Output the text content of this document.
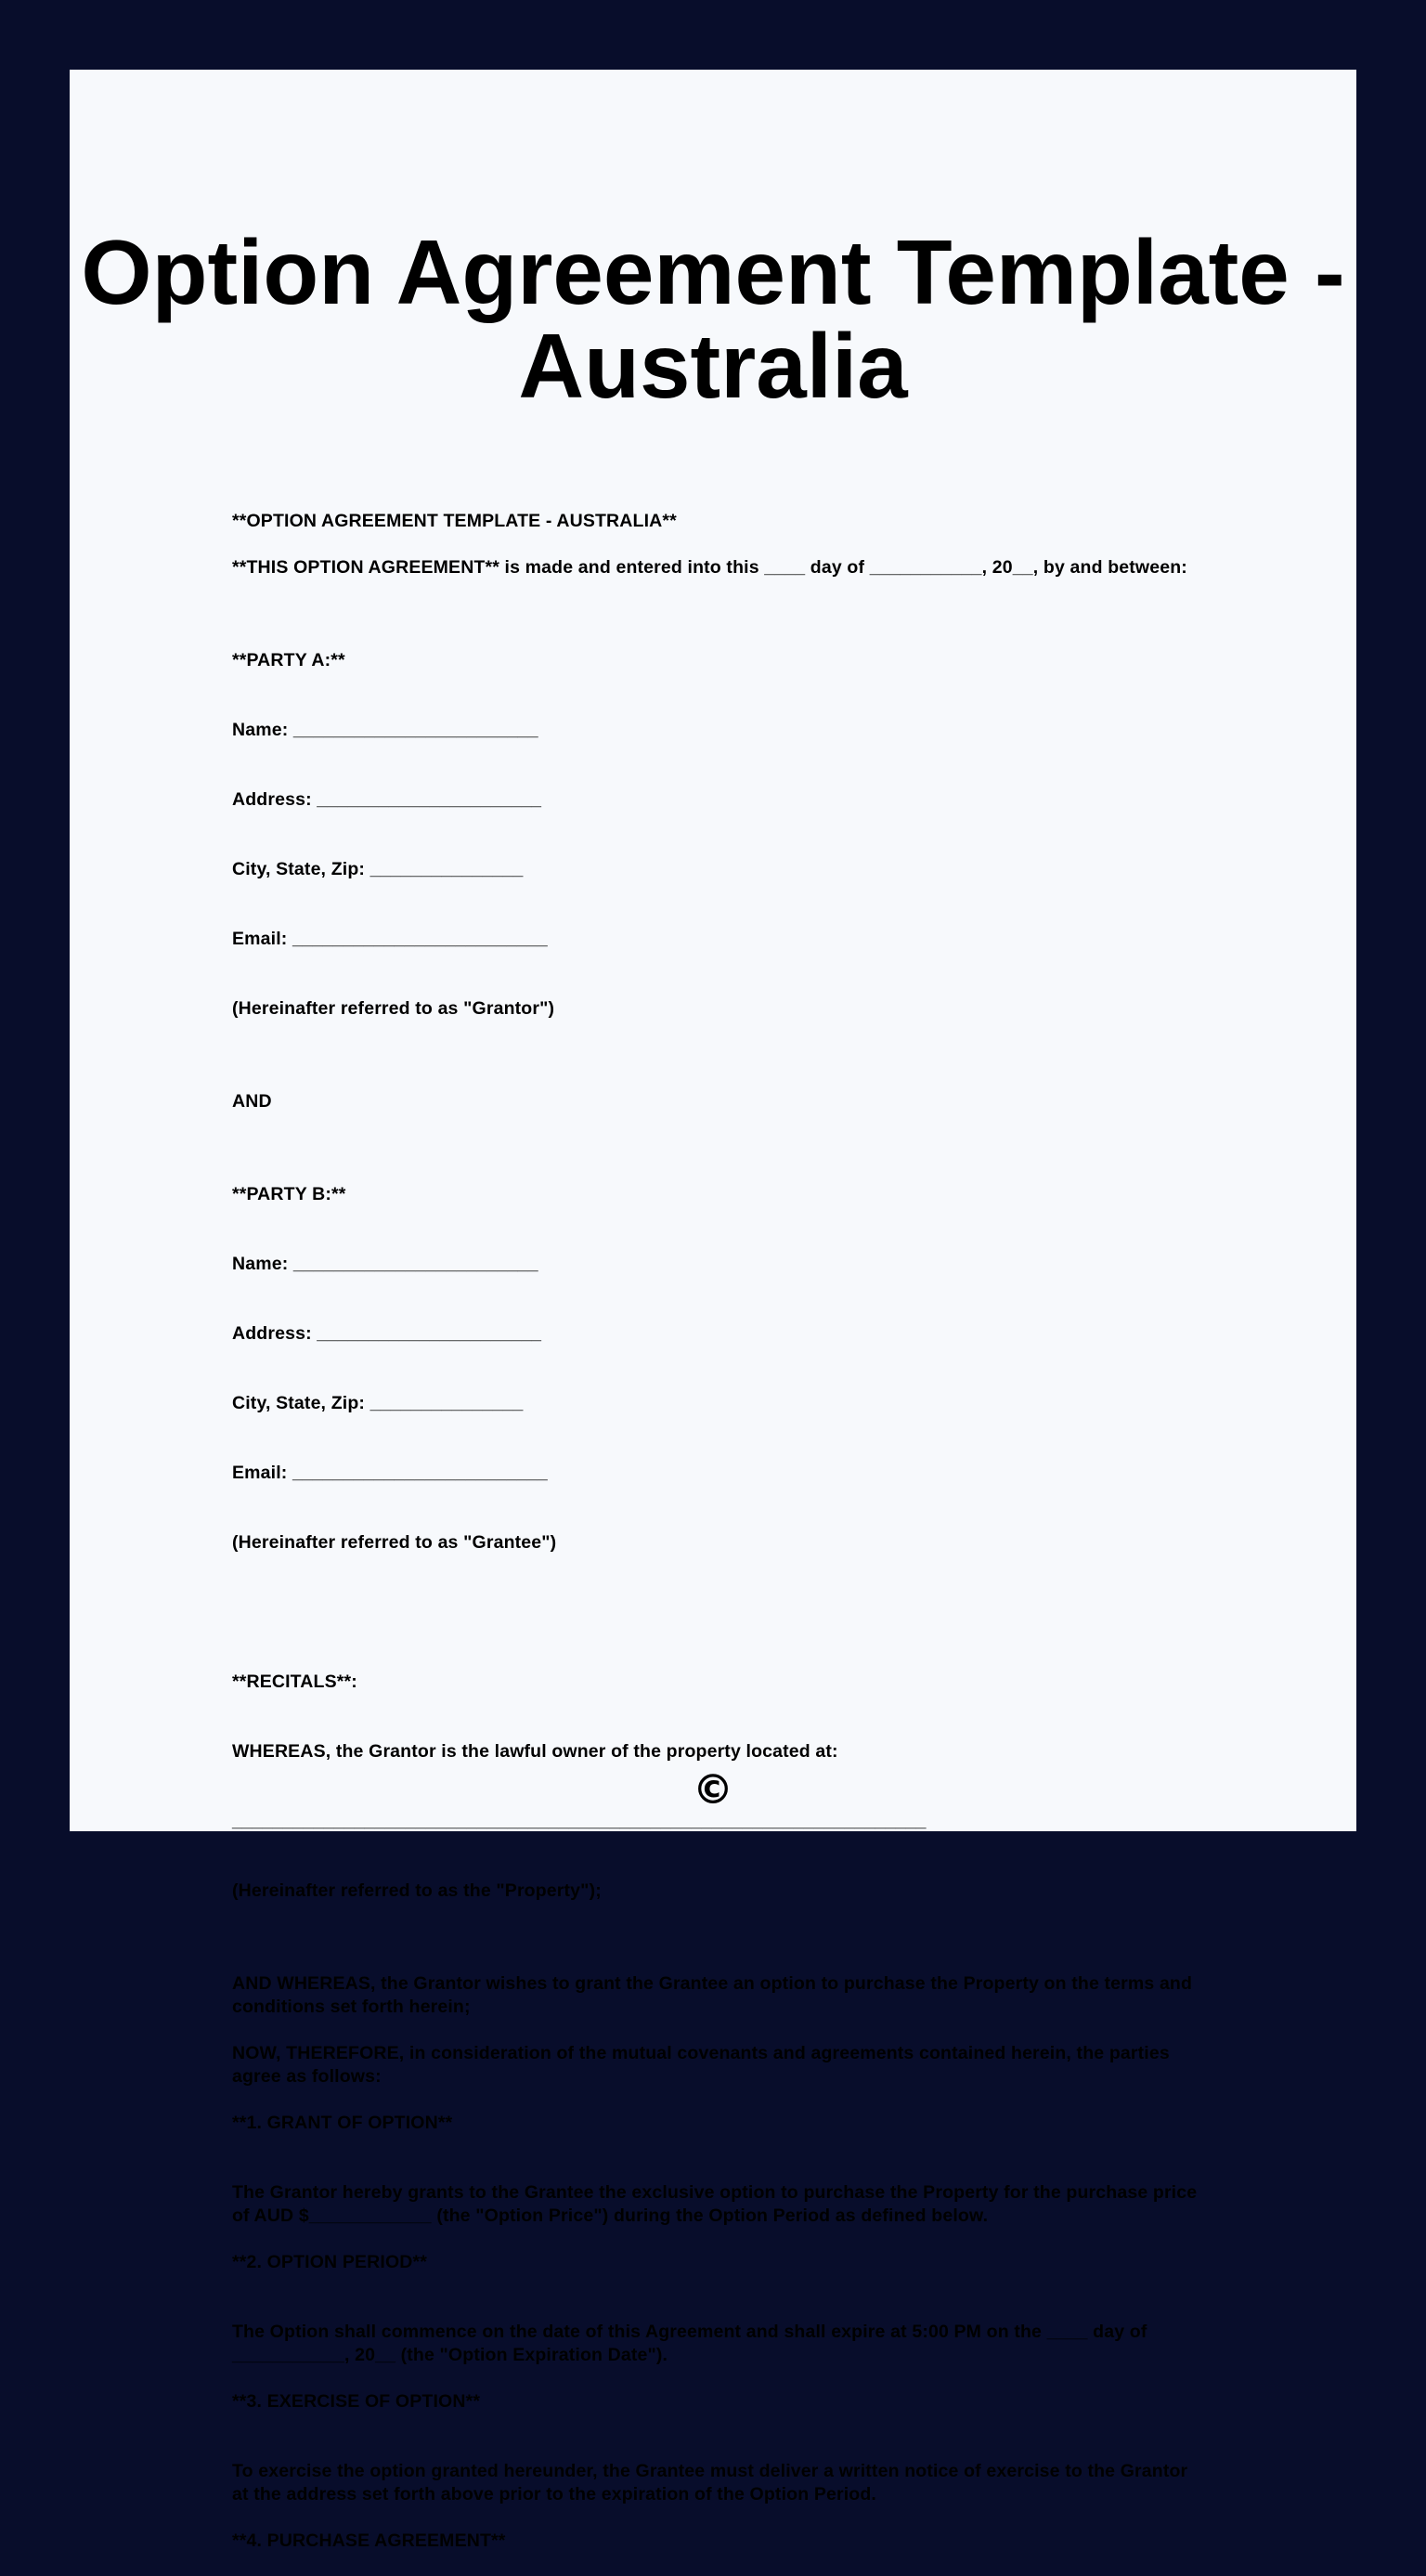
Option Agreement Template -
Australia

**OPTION AGREEMENT TEMPLATE - AUSTRALIA**

**THIS OPTION AGREEMENT** is made and entered into this ____ day of ___________, 20__, by and between:

**PARTY A:**

Name: ________________________

Address: ______________________

City, State, Zip: _______________

Email: _________________________

(Hereinafter referred to as "Grantor")

AND

**PARTY B:**

Name: ________________________

Address: ______________________

City, State, Zip: _______________

Email: _________________________

(Hereinafter referred to as "Grantee")

**RECITALS**:

WHEREAS, the Grantor is the lawful owner of the property located at:

____________________________________________________________________

(Hereinafter referred to as the "Property");

AND WHEREAS, the Grantor wishes to grant the Grantee an option to purchase the Property on the terms and conditions set forth herein;

NOW, THEREFORE, in consideration of the mutual covenants and agreements contained herein, the parties agree as follows:

**1. GRANT OF OPTION**

The Grantor hereby grants to the Grantee the exclusive option to purchase the Property for the purchase price of AUD $____________ (the "Option Price") during the Option Period as defined below.

**2. OPTION PERIOD**

The Option shall commence on the date of this Agreement and shall expire at 5:00 PM on the ____ day of ___________, 20__ (the "Option Expiration Date").

**3. EXERCISE OF OPTION**

To exercise the option granted hereunder, the Grantee must deliver a written notice of exercise to the Grantor at the address set forth above prior to the expiration of the Option Period.

**4. PURCHASE AGREEMENT**

©
